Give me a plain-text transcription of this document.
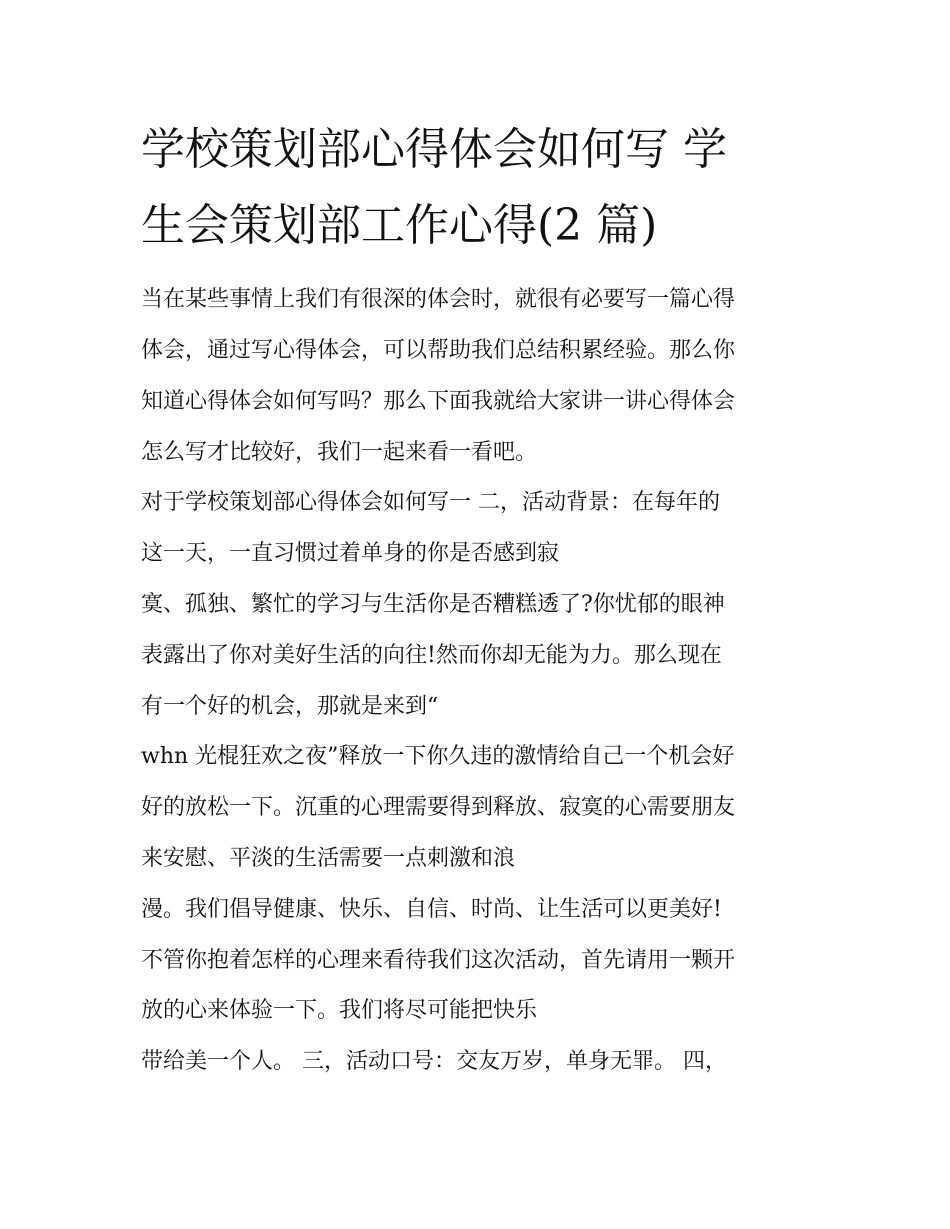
学校策划部心得体会如何写 学
生会策划部工作心得(2 篇)
当在某些事情上我们有很深的体会时，就很有必要写一篇心得
体会，通过写心得体会，可以帮助我们总结积累经验。那么你
知道心得体会如何写吗？那么下面我就给大家讲一讲心得体会
怎么写才比较好，我们一起来看一看吧。
对于学校策划部心得体会如何写一 二，活动背景：在每年的
这一天，一直习惯过着单身的你是否感到寂
寞、孤独、繁忙的学习与生活你是否糟糕透了?你忧郁的眼神
表露出了你对美好生活的向往!然而你却无能为力。那么现在
有一个好的机会，那就是来到“
whn 光棍狂欢之夜”释放一下你久违的激情给自己一个机会好
好的放松一下。沉重的心理需要得到释放、寂寞的心需要朋友
来安慰、平淡的生活需要一点刺激和浪
漫。我们倡导健康、快乐、自信、时尚、让生活可以更美好!
不管你抱着怎样的心理来看待我们这次活动，首先请用一颗开
放的心来体验一下。我们将尽可能把快乐
带给美一个人。 三，活动口号：交友万岁，单身无罪。 四，
